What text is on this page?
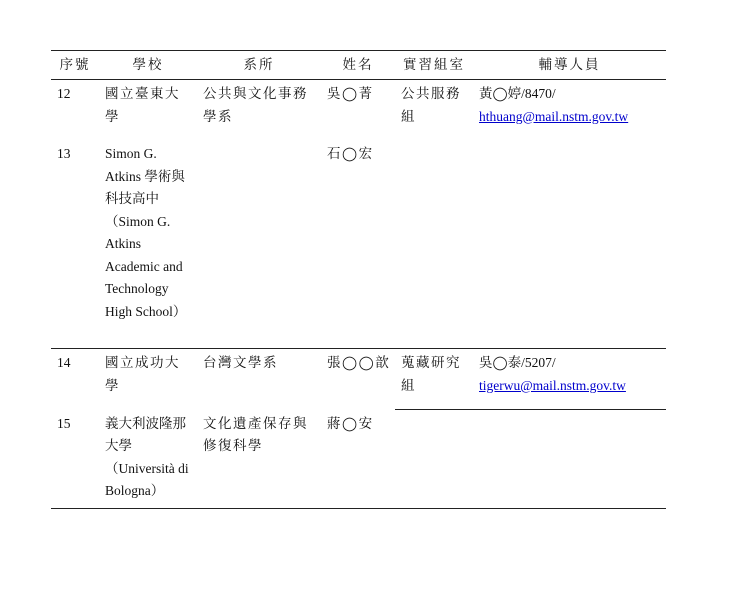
序號	學校	系所	姓名	實習組室	輔導人員
12	國立臺東大學	公共與文化事務學系	吳◯菁	公共服務組	黃◯婷/8470/
hthuang@mail.nstm.gov.tw
13	Simon G. Atkins 學術與科技高中（Simon G. Atkins Academic and Technology High School）		石◯宏		
14	國立成功大學	台灣文學系	張◯◯歆	蒐藏研究組	吳◯泰/5207/
tigerwu@mail.nstm.gov.tw
15	義大利波隆那大學（Università di Bologna）	文化遺產保存與修復科學	蔣◯安		
